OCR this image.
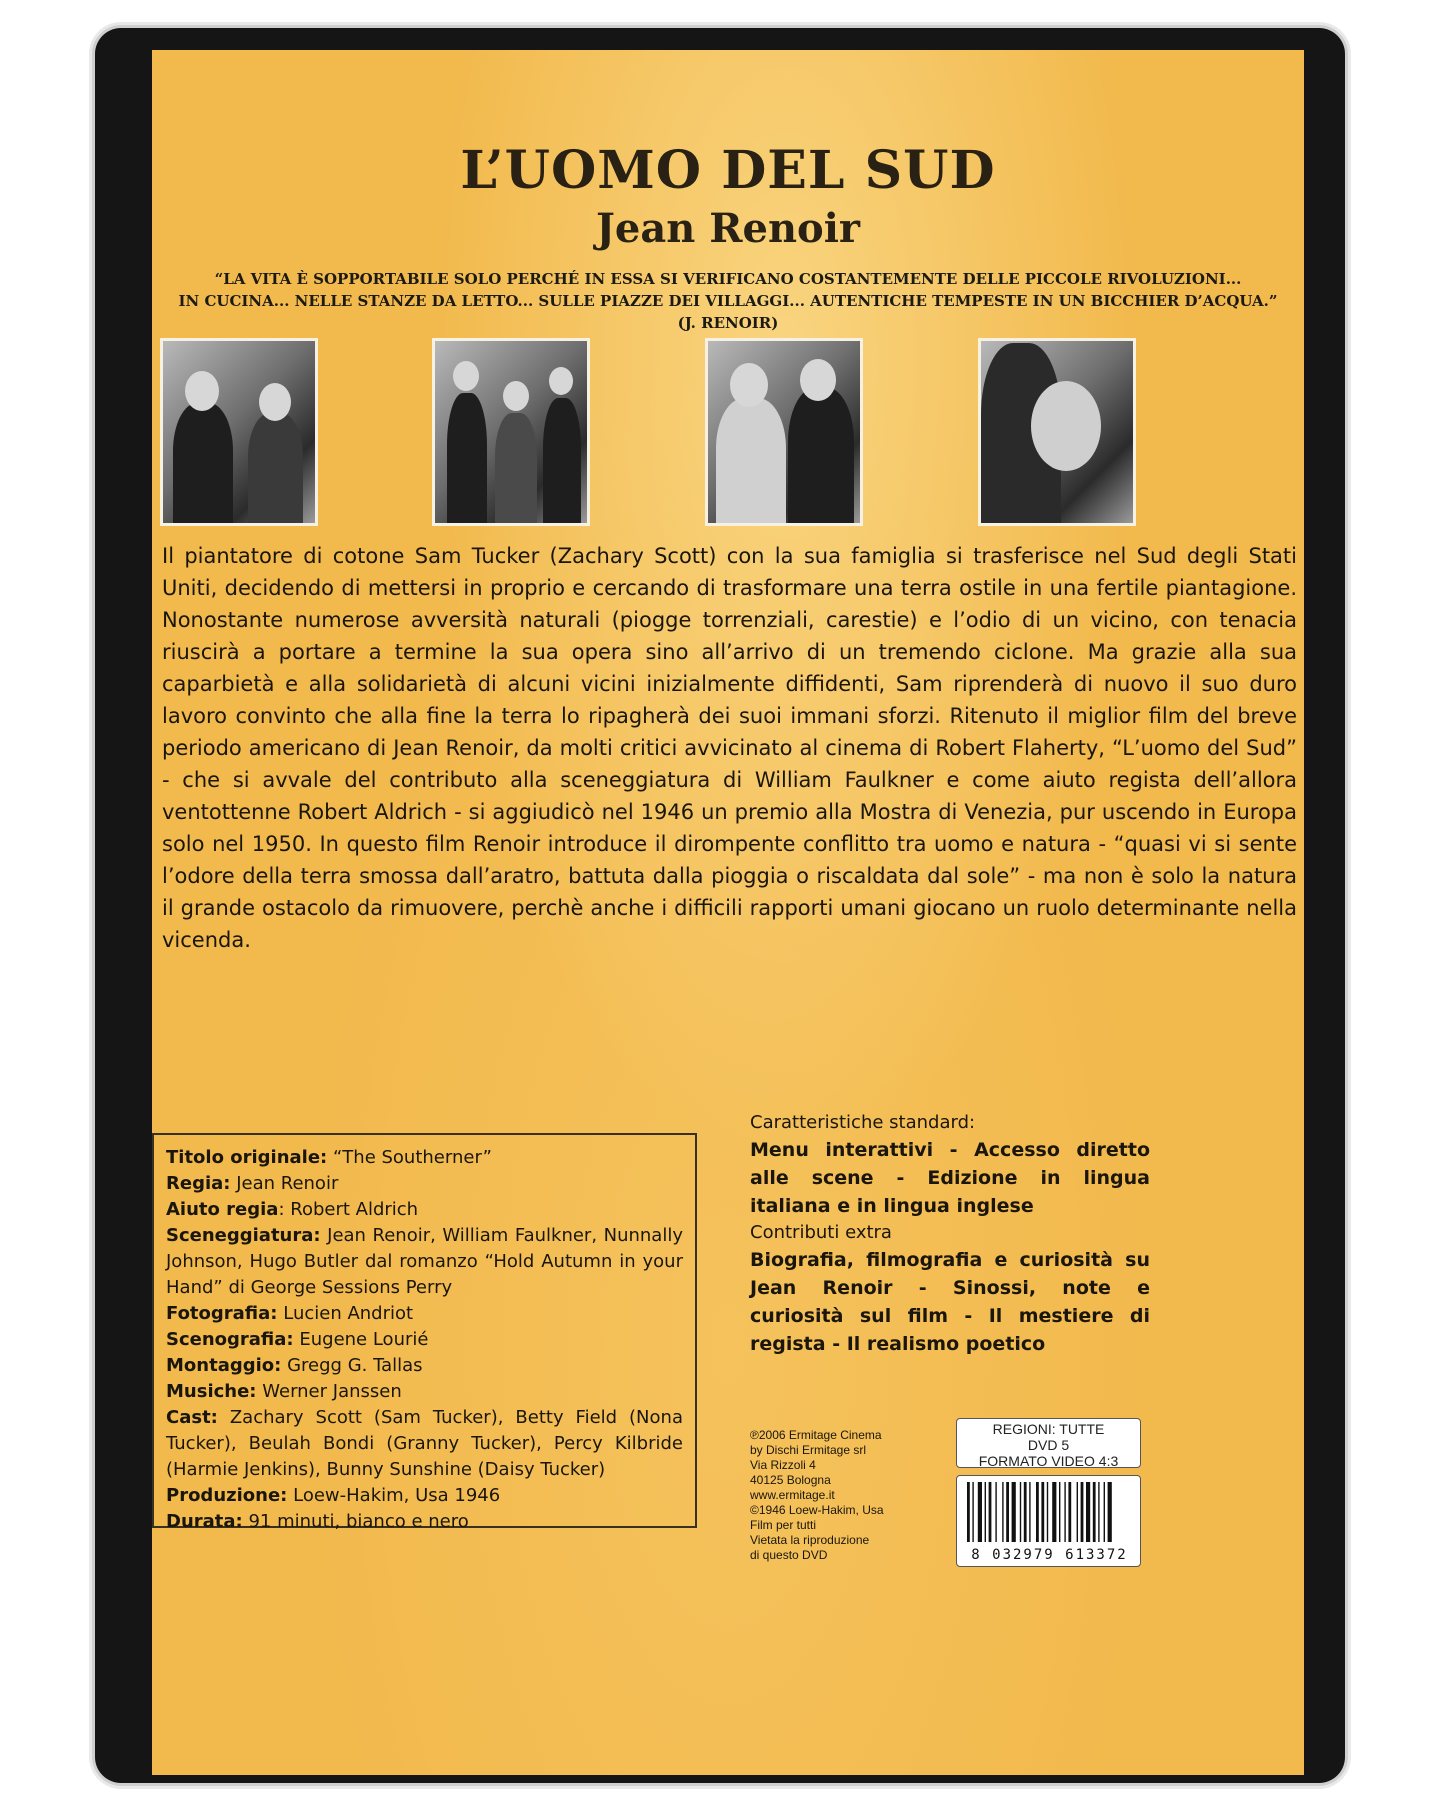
L’UOMO DEL SUD
Jean Renoir
“LA VITA È SOPPORTABILE SOLO PERCHÉ IN ESSA SI VERIFICANO COSTANTEMENTE DELLE PICCOLE RIVOLUZIONI...
IN CUCINA... NELLE STANZE DA LETTO... SULLE PIAZZE DEI VILLAGGI... AUTENTICHE TEMPESTE IN UN BICCHIER D’ACQUA.”
(J. RENOIR)
Il piantatore di cotone Sam Tucker (Zachary Scott) con la sua famiglia si trasferisce nel Sud degli Stati Uniti, decidendo di mettersi in proprio e cercando di trasformare una terra ostile in una fertile piantagione. Nonostante numerose avversità naturali (piogge torrenziali, carestie) e l’odio di un vicino, con tenacia riuscirà a portare a termine la sua opera sino all’arrivo di un tremendo ciclone. Ma grazie alla sua caparbietà e alla solidarietà di alcuni vicini inizialmente diffidenti, Sam riprenderà di nuovo il suo duro lavoro convinto che alla fine la terra lo ripagherà dei suoi immani sforzi. Ritenuto il miglior film del breve periodo americano di Jean Renoir, da molti critici avvicinato al cinema di Robert Flaherty, “L’uomo del Sud” - che si avvale del contributo alla sceneggiatura di William Faulkner e come aiuto regista dell’allora ventottenne Robert Aldrich - si aggiudicò nel 1946 un premio alla Mostra di Venezia, pur uscendo in Europa solo nel 1950. In questo film Renoir introduce il dirompente conflitto tra uomo e natura - “quasi vi si sente l’odore della terra smossa dall’aratro, battuta dalla pioggia o riscaldata dal sole” - ma non è solo la natura il grande ostacolo da rimuovere, perchè anche i difficili rapporti umani giocano un ruolo determinante nella vicenda.
Caratteristiche standard:
Menu interattivi - Accesso diretto alle scene - Edizione in lingua italiana e in lingua inglese
Contributi extra
Biografia, filmografia e curiosità su Jean Renoir - Sinossi, note e curiosità sul film - Il mestiere di regista - Il realismo poetico
Titolo originale: “The Southerner”
Regia: Jean Renoir
Aiuto regia: Robert Aldrich
Sceneggiatura: Jean Renoir, William Faulkner, Nunnally Johnson, Hugo Butler dal romanzo “Hold Autumn in your Hand” di George Sessions Perry
Fotografia: Lucien Andriot
Scenografia: Eugene Lourié
Montaggio: Gregg G. Tallas
Musiche: Werner Janssen
Cast: Zachary Scott (Sam Tucker), Betty Field (Nona Tucker), Beulah Bondi (Granny Tucker), Percy Kilbride (Harmie Jenkins), Bunny Sunshine (Daisy Tucker)
Produzione: Loew-Hakim, Usa 1946
Durata: 91 minuti, bianco e nero
℗2006 Ermitage Cinema
by Dischi Ermitage srl
Via Rizzoli 4
40125 Bologna
www.ermitage.it
©1946 Loew-Hakim, Usa
Film per tutti
Vietata la riproduzione
di questo DVD
REGIONI: TUTTE
DVD 5
FORMATO VIDEO 4:3
8 032979 613372
